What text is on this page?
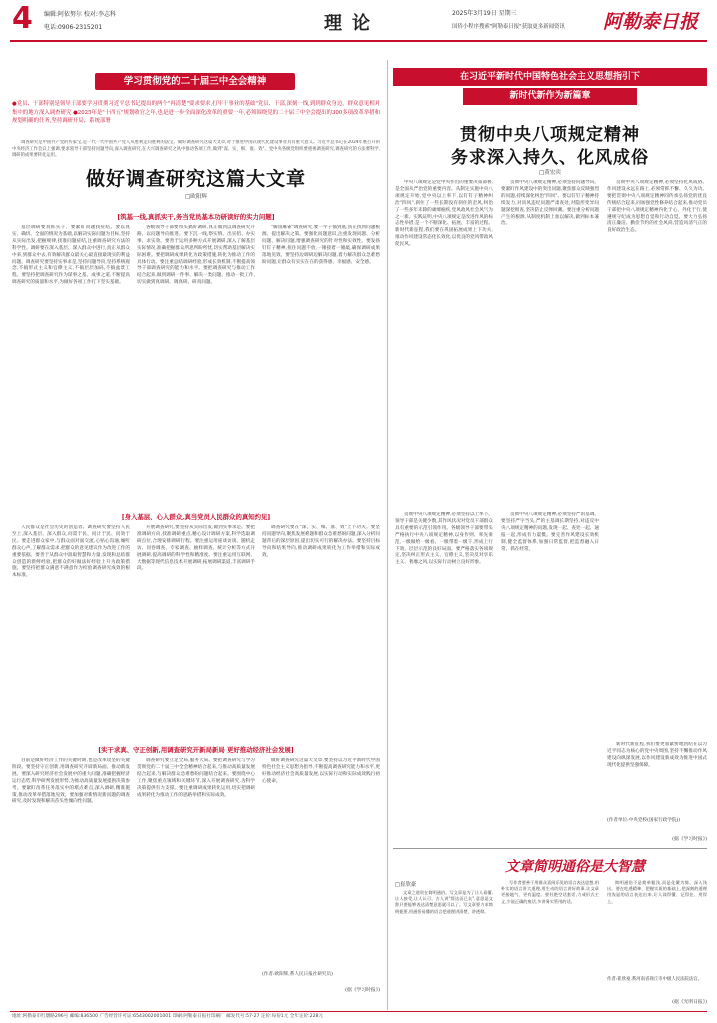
4 编辑:阿依努尔 校对:李志科
电话:0906-2315201	理论	2025年3月19日 星期三
国侨小程序搜索"阿勒泰日报"获取更多新闻资讯	阿勒泰日报
学习贯彻党的二十届三中全会精神
●党员、干部特别是领导干部要学习贯彻习近平总书记提出的两个"再清楚"要求要求,打牢干事业的基础"党员、干部,深刻一线,到到群众身边。群众意见相对集中的地方深入调查研究 ●2025年是"十四五"规划收官之年,也是进一步全面深化改革的重要一年,必须围绕党的二十届三中全会提出的300多项改革举措和规划明确的任务,坚持调研开局、系统部署
调查研究是中国共产党的传家宝,是一代一代中国共产党人从胜利走向胜利的法宝。做好调查研究这篇大文章,对于推进中国式现代化建设事业具有重大意义。习近平总书记在2024年底召开的中央经济工作会议上强调,要求领导干部坚持问题导向,深入调查研究,在大兴调查研究之风中推动各项工作,做到"深、实、细、准、效"。党中央各级党组织要重视调查研究,调查研究的方法要科学,调研的成果要转化运用。
做好调查研究这篇大文章
□欧阳辉
[筑基一线,真抓实干,务当党员基本功研读好的实力问题]
基层调研要真抓实干、要紧盯问题找症结。要以真实、确切、全面的情况为基础,以解决实际问题为目标,坚持从实际出发,把握规律,找准问题症结,注重调查研究方法的科学性。调研要在深入基层、深入群众中进行,真正从群众中来,到群众中去,有效解决群众最关心最直接最现实的利益问题。调查研究要坚持实事求是,坚持问题导向,坚持系统观念,不搞形式主义和官僚主义,不搞层层加码,不搞盆景工程。要坚持把调查研究作为谋事之基、成事之道,不断提高调查研究的质量和水平,为做好各项工作打下坚实基础。
各级领导干部要带头搞好调研,真正做到以调查研究开路、以问题导向推进。要下沉一线,察实情、出实招、办实事、求实效。要善于运用多种方式开展调研,深入了解基层实际情况,准确把握群众所思所盼所忧,切实帮助基层解决实际困难。要把调研成果转化为政策措施,转化为推动工作的具体行动。要注重总结调研经验,形成长效机制,不断提高领导干部调查研究的能力和水平。要把调查研究与推动工作结合起来,做到调研一件事、解决一类问题、推动一批工作,切实做到真调研、调真研、研真问题。
"解剖麻雀"调查研究,要一竿子插到底,真正找到问题根源、提出解决之策。要强化问题意识,注重发现问题、分析问题、解决问题,增强调查研究的针对性和实效性。要发扬钉钉子精神,扭住问题不放,一锤接着一锤敲,确保调研成果落地见效。要坚持边调研边解决问题,着力解决群众急难愁盼问题,让群众有实实在在的获得感、幸福感、安全感。
[身入基层、心入群众,真当党员人民群众的真知灼见]
人民群众是社会历史的创造者。调查研究要坚持人民至上,深入基层、深入群众,问需于民、问计于民、问效于民。要走进群众家中,与群众面对面交流,心贴心沟通,倾听群众心声,了解群众需求,把群众的意见建议作为改进工作的重要依据。要善于从群众中汲取智慧和力量,发现和总结群众创造的新鲜经验,把群众的好做法好经验上升为政策措施。要坚持把群众满意不满意作为检验调查研究成效的根本标准。
开展调查研究,要坚持从实际出发,做到实事求是。要把准调研方向,找准调研重点,精心设计调研方案,科学选取调研点位,合理安排调研行程。要注重运用座谈访谈、随机走访、问卷调查、专家调查、抽样调查、统计分析等方式开展调研,提高调研的科学性和精准度。要注重运用互联网、大数据等现代信息技术开展调研,拓展调研渠道,丰富调研手段。
调查研究要在"深、实、细、准、效"上下功夫。要坚持问题导向,聚焦发展难题和群众急难愁盼问题,深入分析问题背后的深层原因,提出切实可行的解决办法。要坚持目标导向和结果导向,推动调研成果转化为工作举措和实际成效。
[实干求真、守正创新,用调查研究开新局新局 更好推动经济社会发展]
目前是做好经济工作的关键时期,也是改革攻坚的关键阶段。要坚持守正创新,用调查研究开辟新局面、推动新发展。要深入研究经济社会发展中的重大问题,准确把握经济运行态势,科学研判发展形势,为推动高质量发展提供决策参考。要紧盯改革任务落实中的堵点难点,深入调研,精准施策,推动改革举措落地见效。要加强对新情况新问题的调查研究,及时发现和解决苗头性倾向性问题。
调查研究要立足全局,服务大局。要把调查研究与学习贯彻党的二十届三中全会精神结合起来,与推动高质量发展结合起来,与解决群众急难愁盼问题结合起来。要围绕中心工作,聚焦重点领域和关键环节,深入开展调查研究,为科学决策提供有力支撑。要注重调研成果转化运用,切实把调研成果转化为推动工作的思路举措和实际成效。
做好调查研究这篇大文章,要坚持以习近平新时代中国特色社会主义思想为指导,不断提高调查研究能力和水平,更好推动经济社会高质量发展,以实际行动和实际成效践行初心使命。
(作者:欧阳辉,系人民日报社研究员)
(据《学习时报》)
在习近平新时代中国特色社会主义思想指引下
新时代新作为新篇章
贯彻中央八项规定精神
务求深入持久、化风成俗
□黄宏宾
中央八项规定是党中央作出的重要决策部署,是全面从严治党的重要内容。从制定实施中央八项规定开始,党中央以上率下,以钉钉子精神纠治"四风",刹住了一些长期没有刹住的歪风,纠治了一些多年未除的顽瘴痼疾,党风政风社会风气为之一新。实践证明,中央八项规定是改进作风的标志性举措,是一个不断深化、拓展、丰富的过程。新时代新征程,我们要在巩固拓展成果上下功夫,推动作风建设常态化长效化,以优良的党风带政风促民风。
贯彻中央八项规定精神,必须坚持以上率下。领导干部是关键少数,其作风状况对党员干部群众具有重要的示范引领作用。各级领导干部要带头严格执行中央八项规定精神,以身作则、率先垂范,一级做给一级看、一级带着一级干,形成上行下效、层层示范的良好局面。要严格落实各项规定,坚决纠正形式主义、官僚主义,坚决反对享乐主义、奢靡之风,以实际行动树立良好形象。
贯彻中央八项规定精神,必须坚持问题导向。要紧盯作风建设中的突出问题,聚焦群众反映强烈的问题,持续深化纠治"四风"。要以钉钉子精神持续发力,对顶风违纪问题严肃查处,对隐形变异问题深挖彻查,坚决防止反弹回潮。要注重分析问题产生的根源,从制度机制上加以解决,做到标本兼治。
贯彻中央八项规定精神,必须坚持严的基调。要坚持严字当头,严的主基调长期坚持,对违反中央八项规定精神的问题,发现一起、查处一起、通报一起,形成有力震慑。要完善作风建设长效机制,健全监督体系,加强日常监督,把监督融入日常、抓在经常。
贯彻中央八项规定精神,必须坚持化风成俗。作风建设永远在路上,必须常抓不懈、久久为功。要把贯彻中央八项规定精神同传承弘扬党的优良传统结合起来,同加强党性修养结合起来,推动党员干部把中央八项规定精神内化于心、外化于行,使遵规守纪成为思想自觉和行动自觉。要大力弘扬清正廉洁、勤俭节约的社会风尚,营造风清气正的良好政治生态。
新时代新征程,我们要更加紧密地团结在以习近平同志为核心的党中央周围,坚持不懈推动作风建设向纵深发展,以作风建设新成效为推进中国式现代化提供坚强保障。
(作者单位:中央党校(国家行政学院))
(据《学习时报》)
文章简明通俗是大智慧
□崔欣豪
文章之道贵在简明通俗。写文章是为了让人看懂,让人接受,让人认可。古人讲"辞达而已矣",意思是文辞只要能够表达清楚意思就可以了。写文章要力求简明扼要,用通俗易懂的语言把道理讲清楚、讲透彻。
写作者要善于用群众喜闻乐见的语言表达思想,用朴实的语言讲大道理,用生动的语言讲好故事,让文章更接地气、更有温度。要杜绝空话套话,力戒形式主义,少说正确的废话,多讲务实管用的话。
简明通俗不是简单粗浅,而是化繁为简、深入浅出。要在吃透精神、把握实质的基础上,把深刻的道理用浅显的语言表达出来,让人读得懂、记得住、用得上。
作者:崔欣豪,系河南省商丘市中级人民法院法官。
(据《光明日报》)
地址:阿勒泰市红墩路296号 邮编:836500 广告经营许可证:6543002001001 印刷:阿勒泰日报社印刷厂 邮发代号:57-27 定价:每份1元 全年定价:228元
